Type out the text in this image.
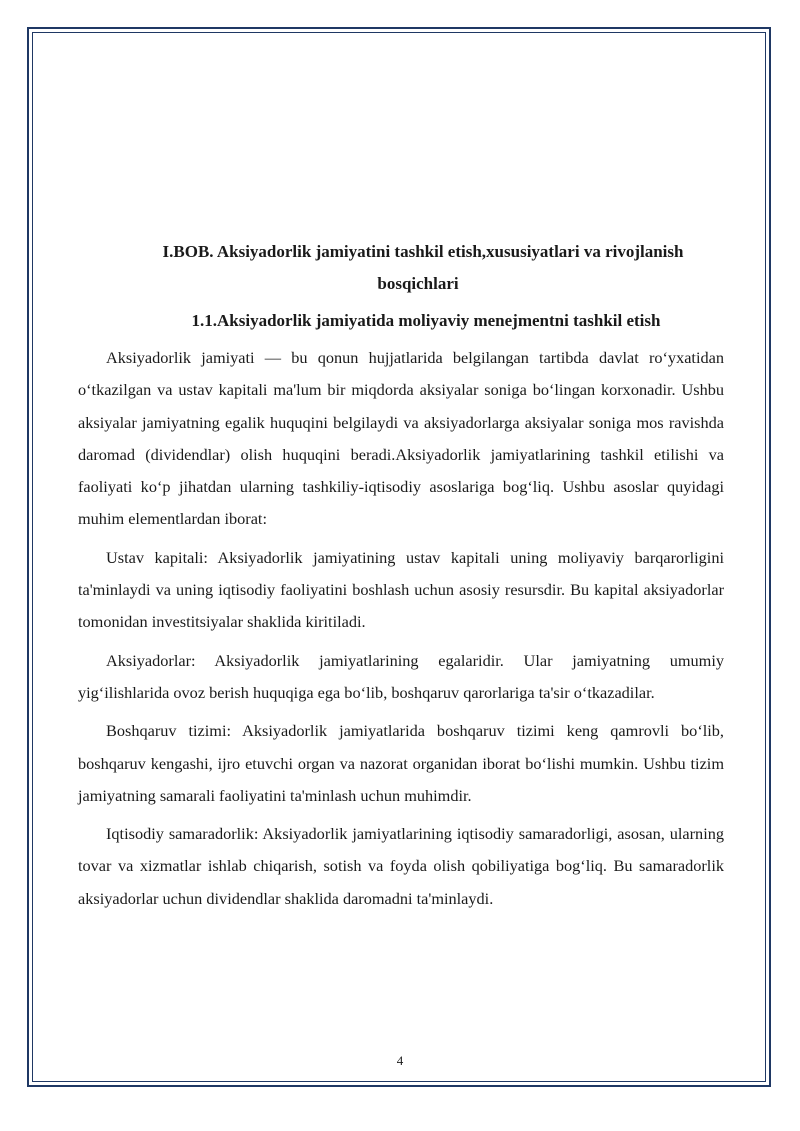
I.BOB. Aksiyadorlik jamiyatini tashkil etish,xususiyatlari va rivojlanish
bosqichlari
1.1.Aksiyadorlik jamiyatida moliyaviy menejmentni tashkil etish

Aksiyadorlik jamiyati — bu qonun hujjatlarida belgilangan tartibda davlat ro‘yxatidan o‘tkazilgan va ustav kapitali ma'lum bir miqdorda aksiyalar soniga bo‘lingan korxonadir. Ushbu aksiyalar jamiyatning egalik huquqini belgilaydi va aksiyadorlarga aksiyalar soniga mos ravishda daromad (dividendlar) olish huquqini beradi.Aksiyadorlik jamiyatlarining tashkil etilishi va faoliyati ko‘p jihatdan ularning tashkiliy-iqtisodiy asoslariga bog‘liq. Ushbu asoslar quyidagi muhim elementlardan iborat:

Ustav kapitali: Aksiyadorlik jamiyatining ustav kapitali uning moliyaviy barqarorligini ta'minlaydi va uning iqtisodiy faoliyatini boshlash uchun asosiy resursdir. Bu kapital aksiyadorlar tomonidan investitsiyalar shaklida kiritiladi.

Aksiyadorlar: Aksiyadorlik jamiyatlarining egalaridir. Ular jamiyatning umumiy yig‘ilishlarida ovoz berish huquqiga ega bo‘lib, boshqaruv qarorlariga ta'sir o‘tkazadilar.

Boshqaruv tizimi: Aksiyadorlik jamiyatlarida boshqaruv tizimi keng qamrovli bo‘lib, boshqaruv kengashi, ijro etuvchi organ va nazorat organidan iborat bo‘lishi mumkin. Ushbu tizim jamiyatning samarali faoliyatini ta'minlash uchun muhimdir.

Iqtisodiy samaradorlik: Aksiyadorlik jamiyatlarining iqtisodiy samaradorligi, asosan, ularning tovar va xizmatlar ishlab chiqarish, sotish va foyda olish qobiliyatiga bog‘liq. Bu samaradorlik aksiyadorlar uchun dividendlar shaklida daromadni ta'minlaydi.

4
